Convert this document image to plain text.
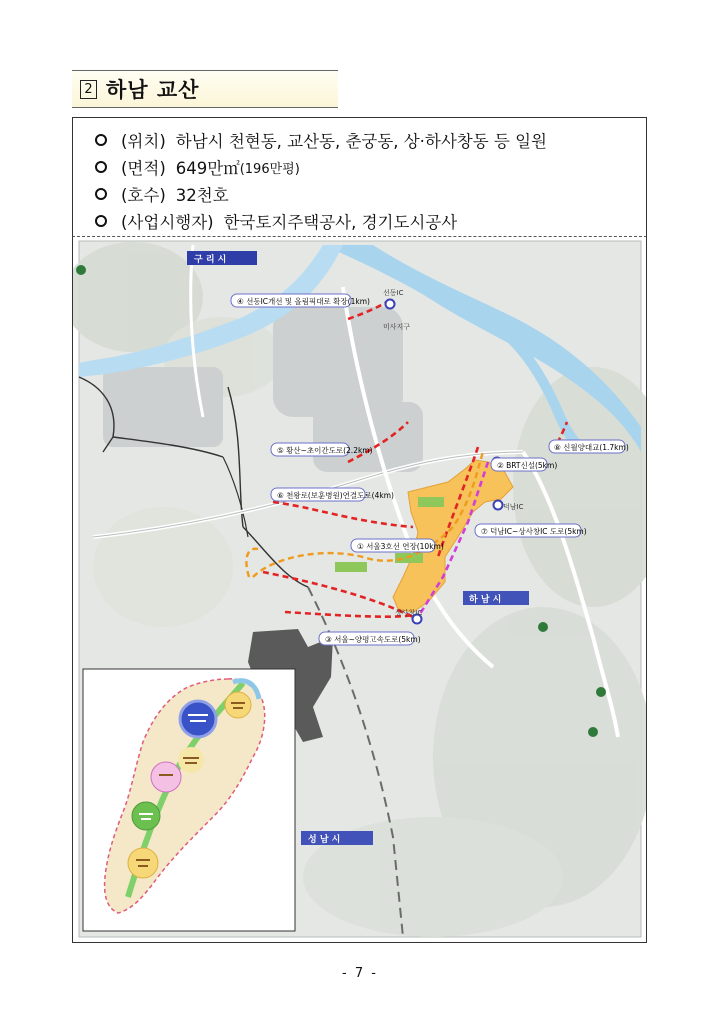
2 하남 교산
(위치) 하남시 천현동, 교산동, 춘궁동, 상·하사창동 등 일원
(면적) 649만㎡ (196만평)
(호수) 32천호
(사업시행자) 한국토지주택공사, 경기도시공사
④ 선동IC개선 및 올림픽대로 확장(1km)
⑤ 황산~초이간도로(2.2km)
⑥ 천왕로(보훈병원)연결도로(4km)
① 서울3호선 연장(10km)
③ 서울~양평고속도로(5km)
⑧ 신월양대교(1.7km)
② BRT신설(5km)
⑦ 덕남IC~상사창IC 도로(5km)
선동IC
미사지구
덕남IC
상사창IC
구 리 시
하 남 시
성 남 시
- 7 -
